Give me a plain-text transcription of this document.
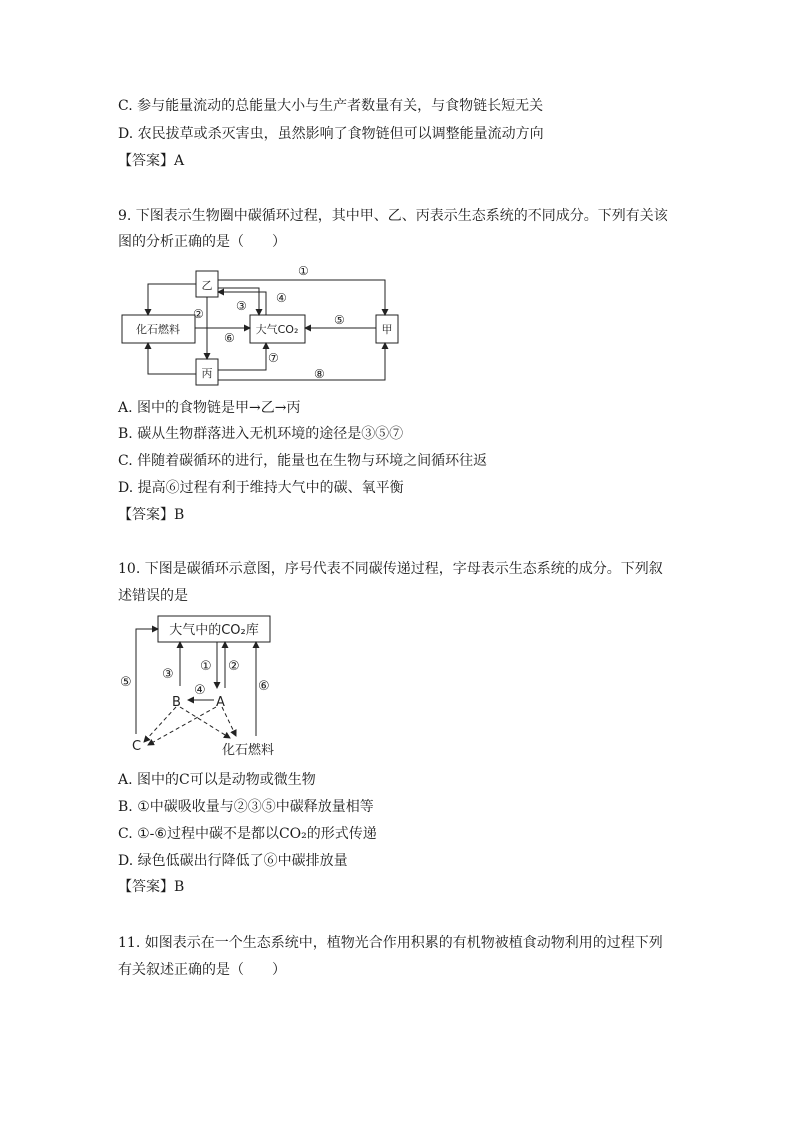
C. 参与能量流动的总能量大小与生产者数量有关，与食物链长短无关
D. 农民拔草或杀灭害虫，虽然影响了食物链但可以调整能量流动方向
【答案】A
9. 下图表示生物圈中碳循环过程，其中甲、乙、丙表示生态系统的不同成分。下列有关该
图的分析正确的是（　　）
乙
化石燃料	大气CO₂	甲
丙
①
②
③
④
⑤
⑥
⑦
⑧
A. 图中的食物链是甲→乙→丙
B. 碳从生物群落进入无机环境的途径是③⑤⑦
C. 伴随着碳循环的进行，能量也在生物与环境之间循环往返
D. 提高⑥过程有利于维持大气中的碳、氧平衡
【答案】B
10. 下图是碳循环示意图，序号代表不同碳传递过程，字母表示生态系统的成分。下列叙
述错误的是
大气中的CO₂库
⑤
③
① ②
⑥
④
B	A
C	化石燃料
A. 图中的C可以是动物或微生物
B. ①中碳吸收量与②③⑤中碳释放量相等
C. ①-⑥过程中碳不是都以CO₂的形式传递
D. 绿色低碳出行降低了⑥中碳排放量
【答案】B
11. 如图表示在一个生态系统中，植物光合作用积累的有机物被植食动物利用的过程下列
有关叙述正确的是（　　）
